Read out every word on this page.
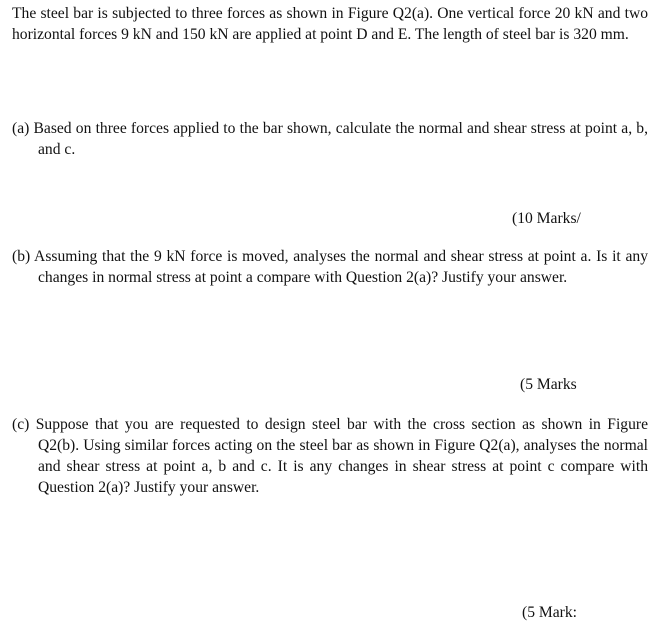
The steel bar is subjected to three forces as shown in Figure Q2(a). One vertical force 20 kN and two horizontal forces 9 kN and 150 kN are applied at point D and E. The length of steel bar is 320 mm.
(a) Based on three forces applied to the bar shown, calculate the normal and shear stress at point a, b, and c.
(10 Marks/
(b) Assuming that the 9 kN force is moved, analyses the normal and shear stress at point a. Is it any changes in normal stress at point a compare with Question 2(a)? Justify your answer.
(5 Marks
(c) Suppose that you are requested to design steel bar with the cross section as shown in Figure Q2(b). Using similar forces acting on the steel bar as shown in Figure Q2(a), analyses the normal and shear stress at point a, b and c. It is any changes in shear stress at point c compare with Question 2(a)? Justify your answer.
(5 Mark:
